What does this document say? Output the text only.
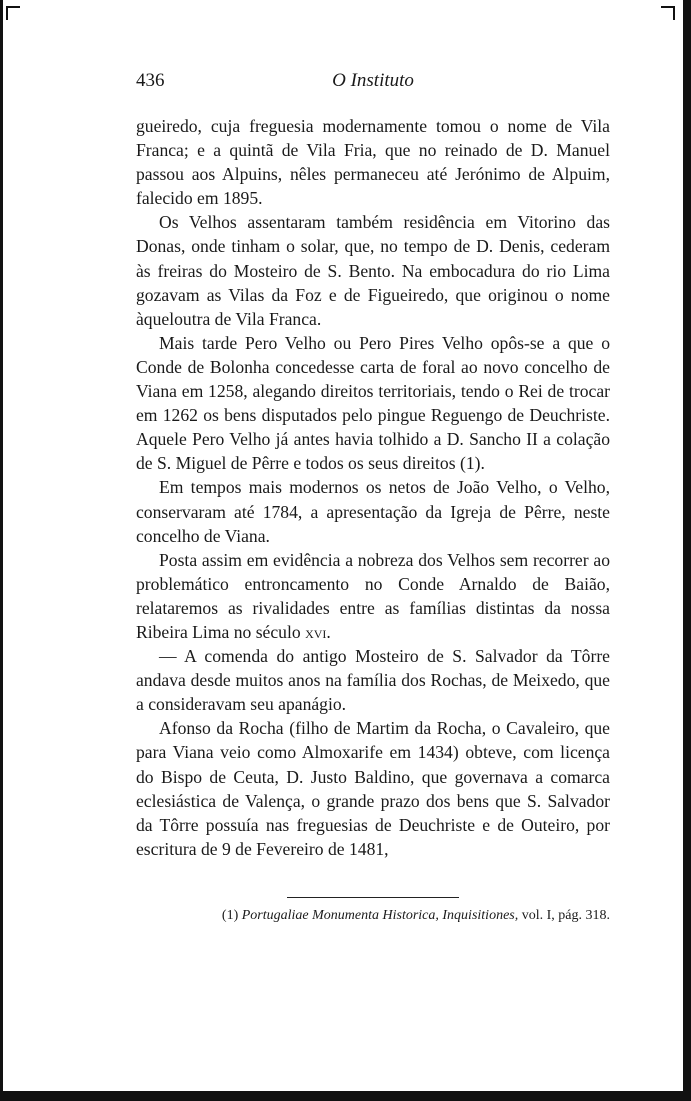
436	O Instituto

gueiredo, cuja freguesia modernamente tomou o nome de Vila Franca; e a quintã de Vila Fria, que no reinado de D. Manuel passou aos Alpuins, nêles permaneceu até Jerónimo de Alpuim, falecido em 1895.

Os Velhos assentaram também residência em Vitorino das Donas, onde tinham o solar, que, no tempo de D. Denis, cederam às freiras do Mosteiro de S. Bento. Na embocadura do rio Lima gozavam as Vilas da Foz e de Figueiredo, que originou o nome àqueloutra de Vila Franca.

Mais tarde Pero Velho ou Pero Pires Velho opôs-se a que o Conde de Bolonha concedesse carta de foral ao novo concelho de Viana em 1258, alegando direitos territoriais, tendo o Rei de trocar em 1262 os bens disputados pelo pingue Reguengo de Deuchriste. Aquele Pero Velho já antes havia tolhido a D. Sancho II a colação de S. Miguel de Pêrre e todos os seus direitos (1).

Em tempos mais modernos os netos de João Velho, o Velho, conservaram até 1784, a apresentação da Igreja de Pêrre, neste concelho de Viana.

Posta assim em evidência a nobreza dos Velhos sem recorrer ao problemático entroncamento no Conde Arnaldo de Baião, relataremos as rivalidades entre as famílias distintas da nossa Ribeira Lima no século xvi.

— A comenda do antigo Mosteiro de S. Salvador da Tôrre andava desde muitos anos na família dos Rochas, de Meixedo, que a consideravam seu apanágio.

Afonso da Rocha (filho de Martim da Rocha, o Cavaleiro, que para Viana veio como Almoxarife em 1434) obteve, com licença do Bispo de Ceuta, D. Justo Baldino, que governava a comarca eclesiástica de Valença, o grande prazo dos bens que S. Salvador da Tôrre possuía nas freguesias de Deuchriste e de Outeiro, por escritura de 9 de Fevereiro de 1481,

(1) Portugaliae Monumenta Historica, Inquisitiones, vol. I, pág. 318.
